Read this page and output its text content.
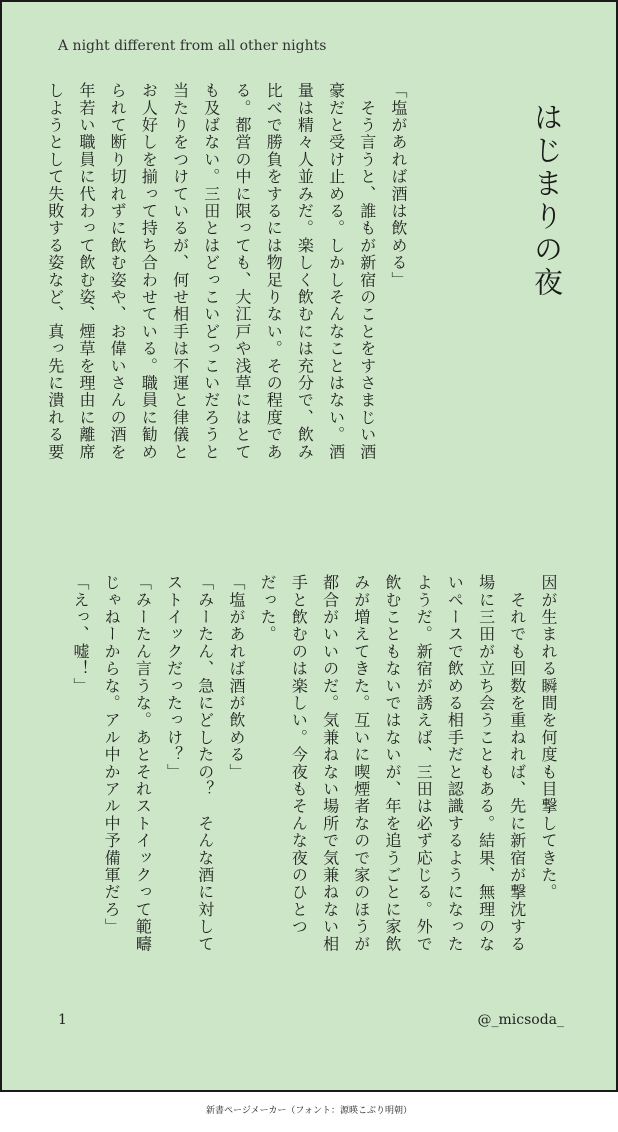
A night different from all other nights
はじまりの夜

「塩があれば酒は飲める」

　そう言うと、誰もが新宿のことをすさまじい酒

豪だと受け止める。しかしそんなことはない。酒

量は精々人並みだ。楽しく飲むには充分で、飲み

比べで勝負をするには物足りない。その程度であ

る。都営の中に限っても、大江戸や浅草にはとて

も及ばない。三田とはどっこいどっこいだろうと

当たりをつけているが、何せ相手は不運と律儀と

お人好しを揃って持ち合わせている。職員に勧め

られて断り切れずに飲む姿や、お偉いさんの酒を

年若い職員に代わって飲む姿、煙草を理由に離席

しようとして失敗する姿など、真っ先に潰れる要

因が生まれる瞬間を何度も目撃してきた。

　それでも回数を重ねれば、先に新宿が撃沈する

場に三田が立ち会うこともある。結果、無理のな

いペースで飲める相手だと認識するようになった

ようだ。新宿が誘えば、三田は必ず応じる。外で

飲むこともないではないが、年を追うごとに家飲

みが増えてきた。互いに喫煙者なので家のほうが

都合がいいのだ。気兼ねない場所で気兼ねない相

手と飲むのは楽しい。今夜もそんな夜のひとつ

だった。

「塩があれば酒が飲める」

「みーたん、急にどしたの？　そんな酒に対して

ストイックだったっけ？」

「みーたん言うな。あとそれストイックって範疇

じゃねーからな。アル中かアル中予備軍だろ」

「えっ、嘘！」

1	@_micsoda_
新書ページメーカー（フォント：源暎こぶり明朝）
